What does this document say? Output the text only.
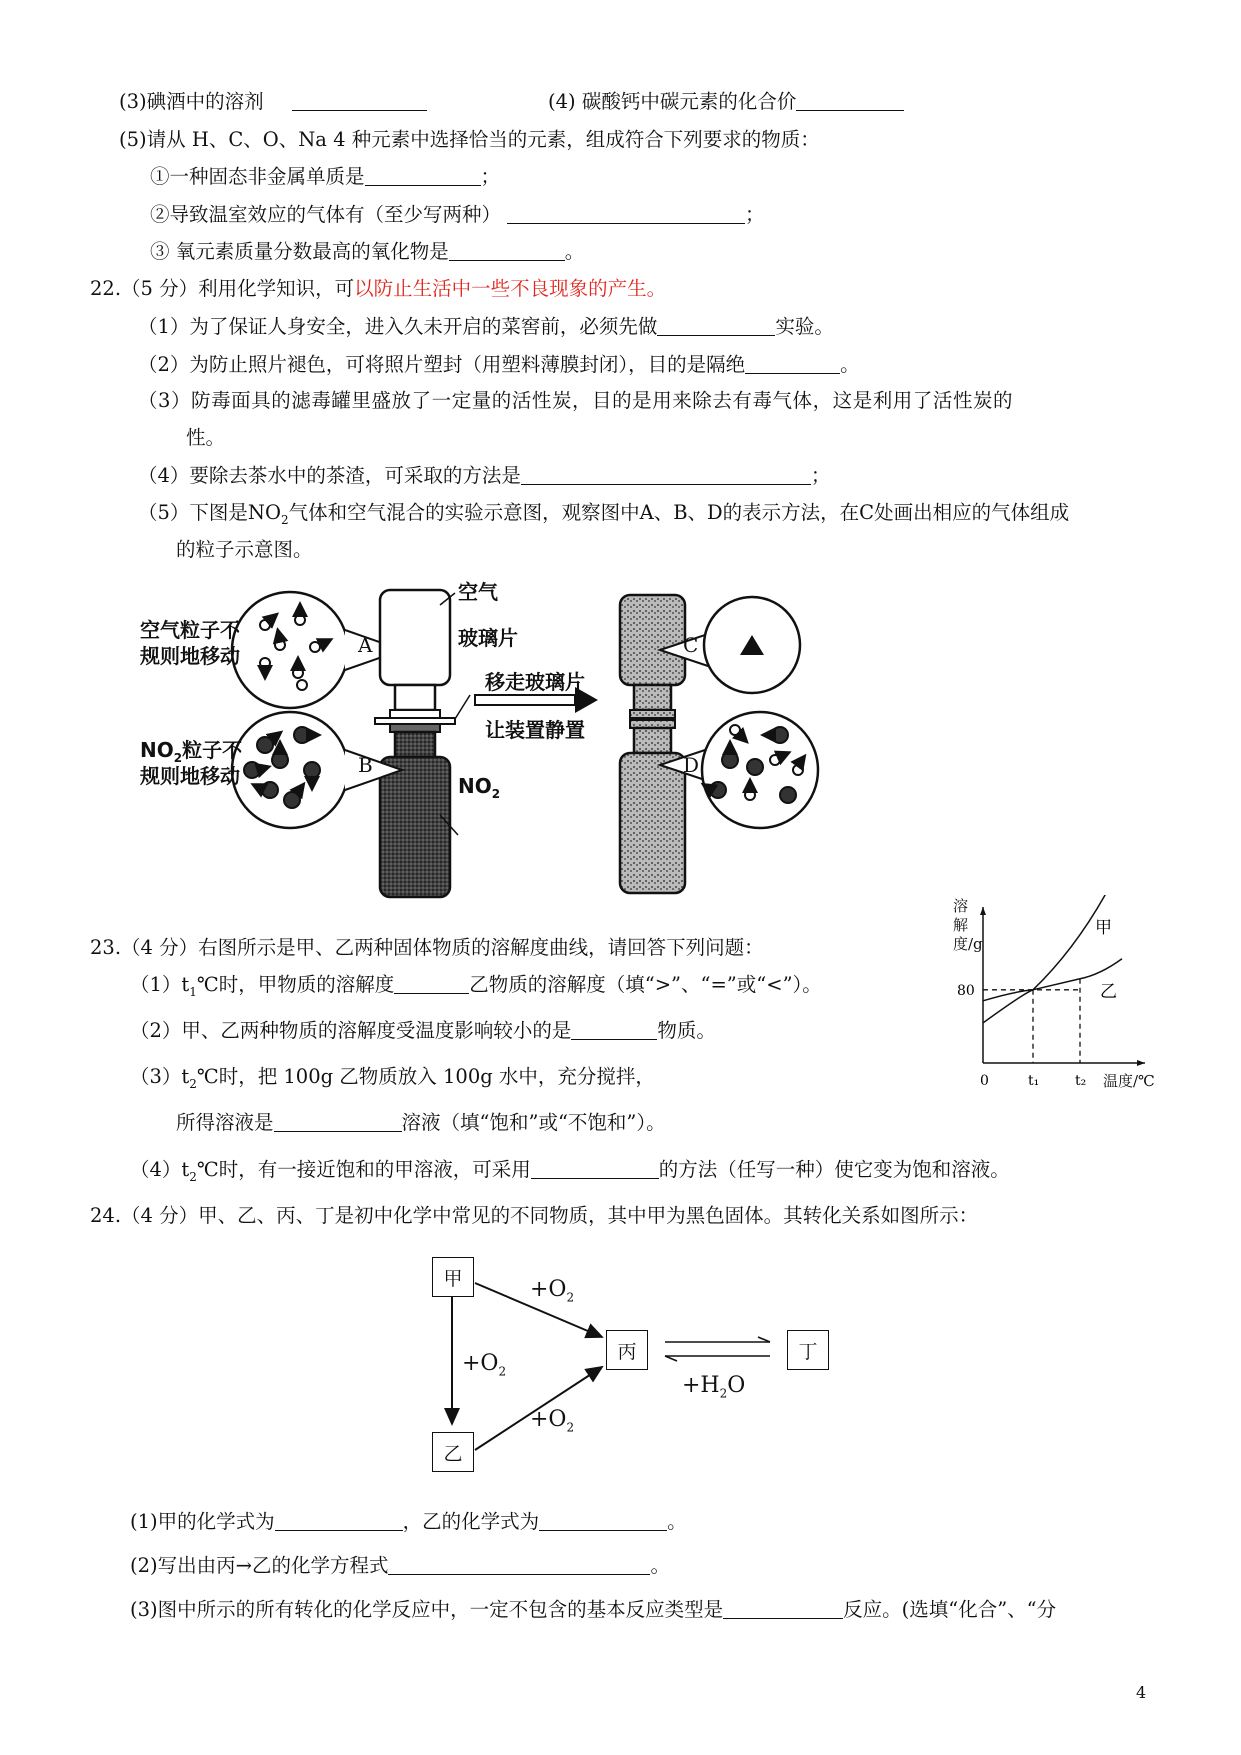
(3)碘酒中的溶剂	(4) 碳酸钙中碳元素的化合价
(5)请从 H、C、O、Na 4 种元素中选择恰当的元素，组成符合下列要求的物质：
①一种固态非金属单质是	；
②导致温室效应的气体有（至少写两种）	；
③ 氧元素质量分数最高的氧化物是	。
22.（5 分）利用化学知识，可以防止生活中一些不良现象的产生。
（1）为了保证人身安全，进入久未开启的菜窖前，必须先做	实验。
（2）为防止照片褪色，可将照片塑封（用塑料薄膜封闭），目的是隔绝	。
（3）防毒面具的滤毒罐里盛放了一定量的活性炭，目的是用来除去有毒气体，这是利用了活性炭的
性。
（4）要除去茶水中的茶渣，可采取的方法是	；
（5）下图是$NO_2$气体和空气混合的实验示意图，观察图中A、B、D的表示方法，在C处画出相应的气体组成
的粒子示意图。
空气粒子不
规则地移动
$NO_2$粒子不
规则地移动
空气
玻璃片
移走玻璃片
让装置静置
$NO_2$
A
B
C
D
23.（4 分）右图所示是甲、乙两种固体物质的溶解度曲线，请回答下列问题：
$(1)t_1℃$时，甲物质的溶解度	乙物质的溶解度（填“>”、“=”或“<”）。
（2）甲、乙两种物质的溶解度受温度影响较小的是	物质。
$(3)t_2℃$时，把 100g 乙物质放入 100g 水中，充分搅拌，
所得溶液是	溶液（填“饱和”或“不饱和”）。
$(4)t_2℃$时，有一接近饱和的甲溶液，可采用	的方法（任写一种）使它变为饱和溶液。
甲
乙
80
0	t₁	t₂
溶解度/g
温度/℃
24.（4 分）甲、乙、丙、丁是初中化学中常见的不同物质，其中甲为黑色固体。其转化关系如图所示：
甲
丙	丁
乙
$+O_2$
$+O_2$
$+O_2$
$+H_2O$
(1)甲的化学式为	，乙的化学式为	。
(2)写出由丙→乙的化学方程式	。
(3)图中所示的所有转化的化学反应中，一定不包含的基本反应类型是	反应。(选填“化合”、“分
4
